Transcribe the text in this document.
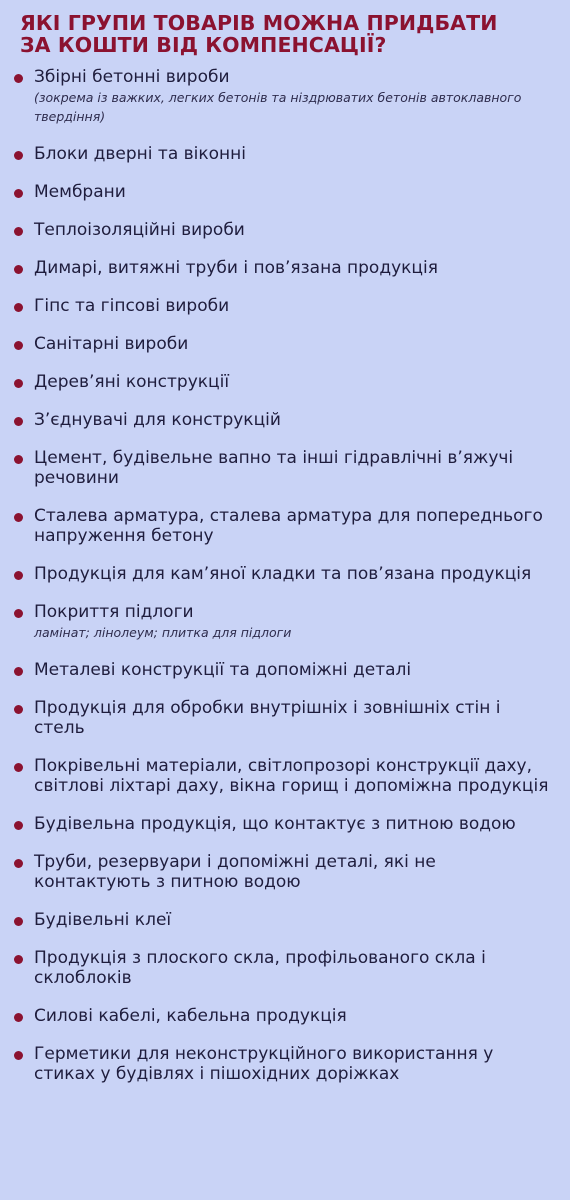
ЯКІ ГРУПИ ТОВАРІВ МОЖНА ПРИДБАТИ
ЗА КОШТИ ВІД КОМПЕНСАЦІЇ?
Збірні бетонні вироби
(зокрема із важких, легких бетонів та ніздрюватих бетонів автоклавного твердіння)
Блоки дверні та віконні
Мембрани
Теплоізоляційні вироби
Димарі, витяжні труби і пов’язана продукція
Гіпс та гіпсові вироби
Санітарні вироби
Дерев’яні конструкції
З’єднувачі для конструкцій
Цемент, будівельне вапно та інші гідравлічні в’яжучі речовини
Сталева арматура, сталева арматура для попереднього напруження бетону
Продукція для кам’яної кладки та пов’язана продукція
Покриття підлоги
ламінат; лінолеум; плитка для підлоги
Металеві конструкції та допоміжні деталі
Продукція для обробки внутрішніх і зовнішніх стін і стель
Покрівельні матеріали, світлопрозорі конструкції даху, світлові ліхтарі даху, вікна горищ і допоміжна продукція
Будівельна продукція, що контактує з питною водою
Труби, резервуари і допоміжні деталі, які не контактують з питною водою
Будівельні клеї
Продукція з плоского скла, профільованого скла і склоблоків
Силові кабелі, кабельна продукція
Герметики для неконструкційного використання у стиках у будівлях і пішохідних доріжках
